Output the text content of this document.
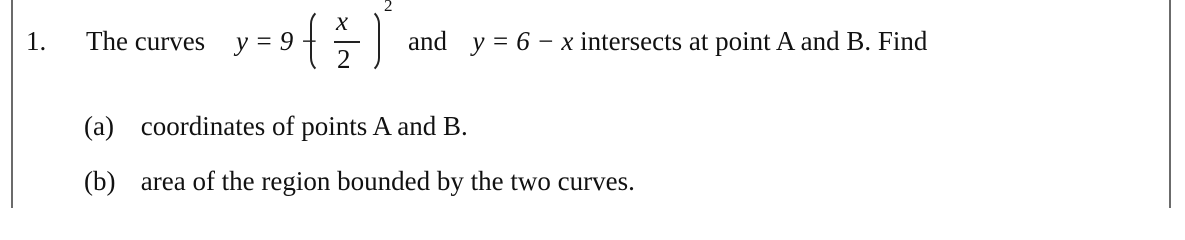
1. The curves y = 9 −
x
2
2
and y = 6 − x intersects at point A and B. Find
(a) coordinates of points A and B.
(b) area of the region bounded by the two curves.
